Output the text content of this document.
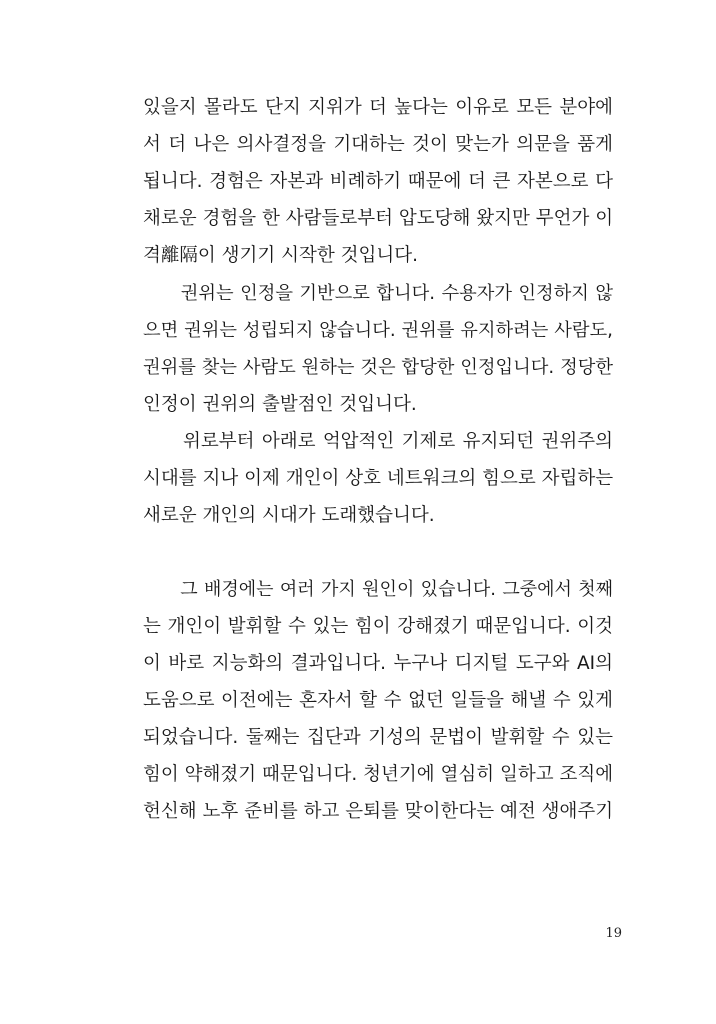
있을지 몰라도 단지 지위가 더 높다는 이유로 모든 분야에
서 더 나은 의사결정을 기대하는 것이 맞는가 의문을 품게
됩니다. 경험은 자본과 비례하기 때문에 더 큰 자본으로 다
채로운 경험을 한 사람들로부터 압도당해 왔지만 무언가 이
격離隔이 생기기 시작한 것입니다.
　　권위는 인정을 기반으로 합니다. 수용자가 인정하지 않
으면 권위는 성립되지 않습니다. 권위를 유지하려는 사람도,
권위를 찾는 사람도 원하는 것은 합당한 인정입니다. 정당한
인정이 권위의 출발점인 것입니다.
　　위로부터 아래로 억압적인 기제로 유지되던 권위주의
시대를 지나 이제 개인이 상호 네트워크의 힘으로 자립하는
새로운 개인의 시대가 도래했습니다.
　　그 배경에는 여러 가지 원인이 있습니다. 그중에서 첫째
는 개인이 발휘할 수 있는 힘이 강해졌기 때문입니다. 이것
이 바로 지능화의 결과입니다. 누구나 디지털 도구와 AI의
도움으로 이전에는 혼자서 할 수 없던 일들을 해낼 수 있게
되었습니다. 둘째는 집단과 기성의 문법이 발휘할 수 있는
힘이 약해졌기 때문입니다. 청년기에 열심히 일하고 조직에
헌신해 노후 준비를 하고 은퇴를 맞이한다는 예전 생애주기
19
